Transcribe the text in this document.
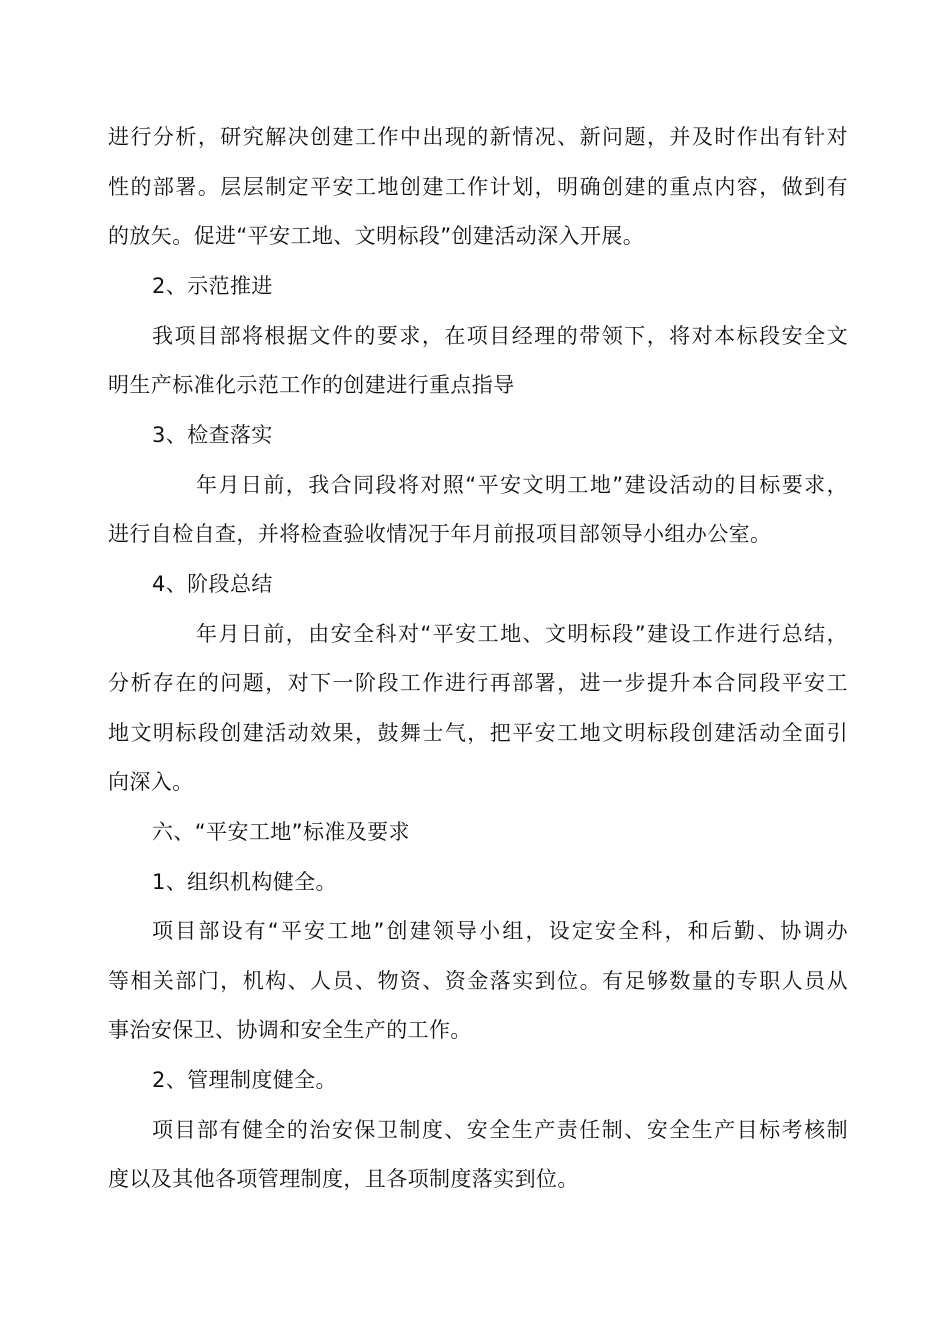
进行分析，研究解决创建工作中出现的新情况、新问题，并及时作出有针对
性的部署。层层制定平安工地创建工作计划，明确创建的重点内容，做到有
的放矢。促进“平安工地、文明标段”创建活动深入开展。
2、示范推进
我项目部将根据文件的要求，在项目经理的带领下，将对本标段安全文
明生产标准化示范工作的创建进行重点指导
3、检查落实
年月日前，我合同段将对照“平安文明工地”建设活动的目标要求，
进行自检自查，并将检查验收情况于年月前报项目部领导小组办公室。
4、阶段总结
年月日前，由安全科对“平安工地、文明标段”建设工作进行总结，
分析存在的问题，对下一阶段工作进行再部署，进一步提升本合同段平安工
地文明标段创建活动效果，鼓舞士气，把平安工地文明标段创建活动全面引
向深入。
六、“平安工地”标准及要求
1、组织机构健全。
项目部设有“平安工地”创建领导小组，设定安全科，和后勤、协调办
等相关部门，机构、人员、物资、资金落实到位。有足够数量的专职人员从
事治安保卫、协调和安全生产的工作。
2、管理制度健全。
项目部有健全的治安保卫制度、安全生产责任制、安全生产目标考核制
度以及其他各项管理制度，且各项制度落实到位。
